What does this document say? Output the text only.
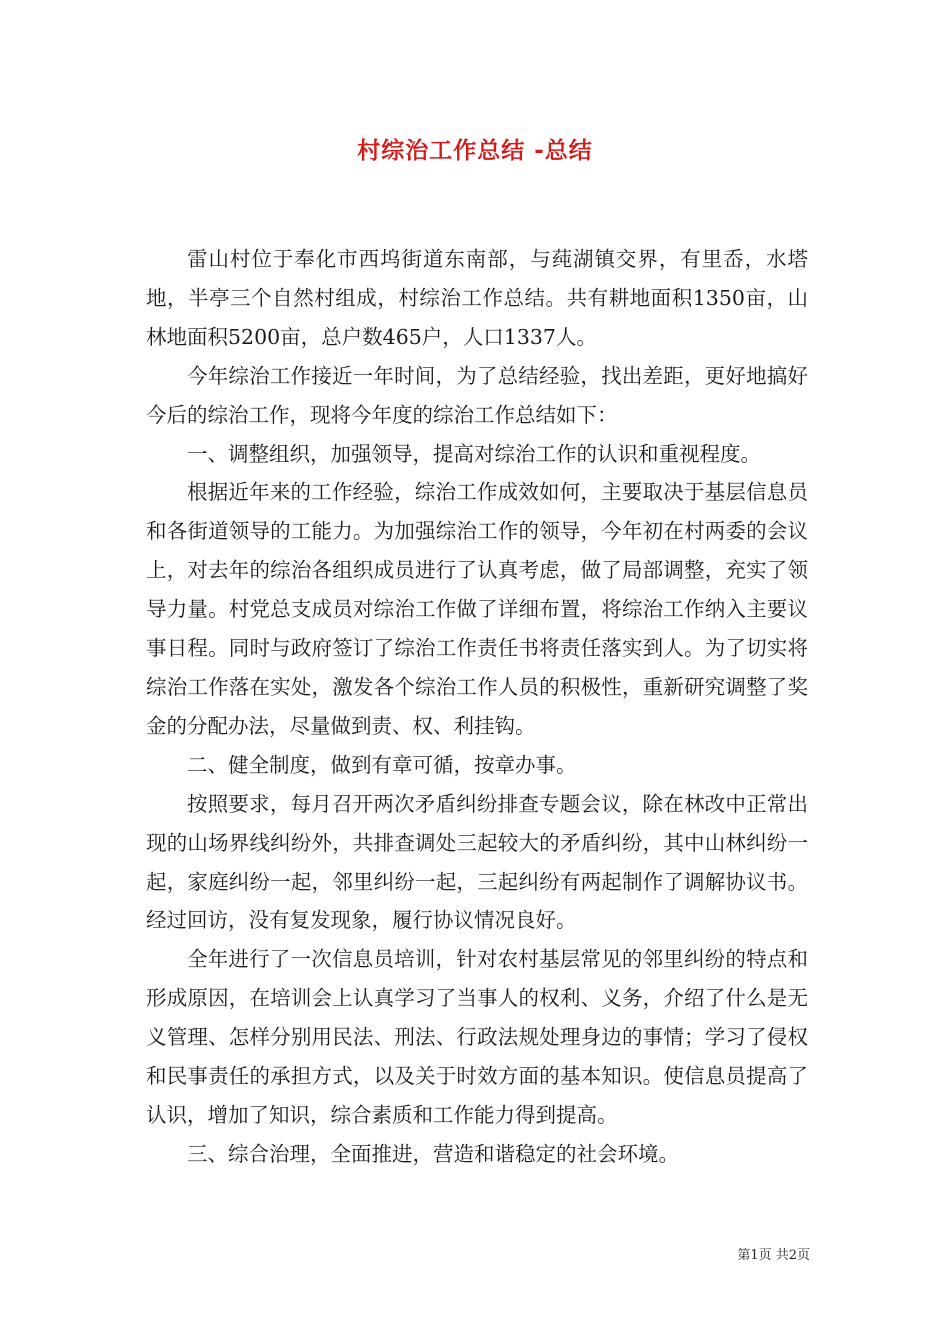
村综治工作总结 -总结

雷山村位于奉化市西坞街道东南部，与莼湖镇交界，有里岙，水塔地，半亭三个自然村组成，村综治工作总结。共有耕地面积1350亩，山林地面积5200亩，总户数465户，人口1337人。

今年综治工作接近一年时间，为了总结经验，找出差距，更好地搞好今后的综治工作，现将今年度的综治工作总结如下：

一、调整组织，加强领导，提高对综治工作的认识和重视程度。

根据近年来的工作经验，综治工作成效如何，主要取决于基层信息员和各街道领导的工能力。为加强综治工作的领导，今年初在村两委的会议上，对去年的综治各组织成员进行了认真考虑，做了局部调整，充实了领导力量。村党总支成员对综治工作做了详细布置，将综治工作纳入主要议事日程。同时与政府签订了综治工作责任书将责任落实到人。为了切实将综治工作落在实处，激发各个综治工作人员的积极性，重新研究调整了奖金的分配办法，尽量做到责、权、利挂钩。

二、健全制度，做到有章可循，按章办事。

按照要求，每月召开两次矛盾纠纷排查专题会议，除在林改中正常出现的山场界线纠纷外，共排查调处三起较大的矛盾纠纷，其中山林纠纷一起，家庭纠纷一起，邻里纠纷一起，三起纠纷有两起制作了调解协议书。经过回访，没有复发现象，履行协议情况良好。

全年进行了一次信息员培训，针对农村基层常见的邻里纠纷的特点和形成原因，在培训会上认真学习了当事人的权利、义务，介绍了什么是无义管理、怎样分别用民法、刑法、行政法规处理身边的事情；学习了侵权和民事责任的承担方式，以及关于时效方面的基本知识。使信息员提高了认识，增加了知识，综合素质和工作能力得到提高。

三、综合治理，全面推进，营造和谐稳定的社会环境。

第1页 共2页
